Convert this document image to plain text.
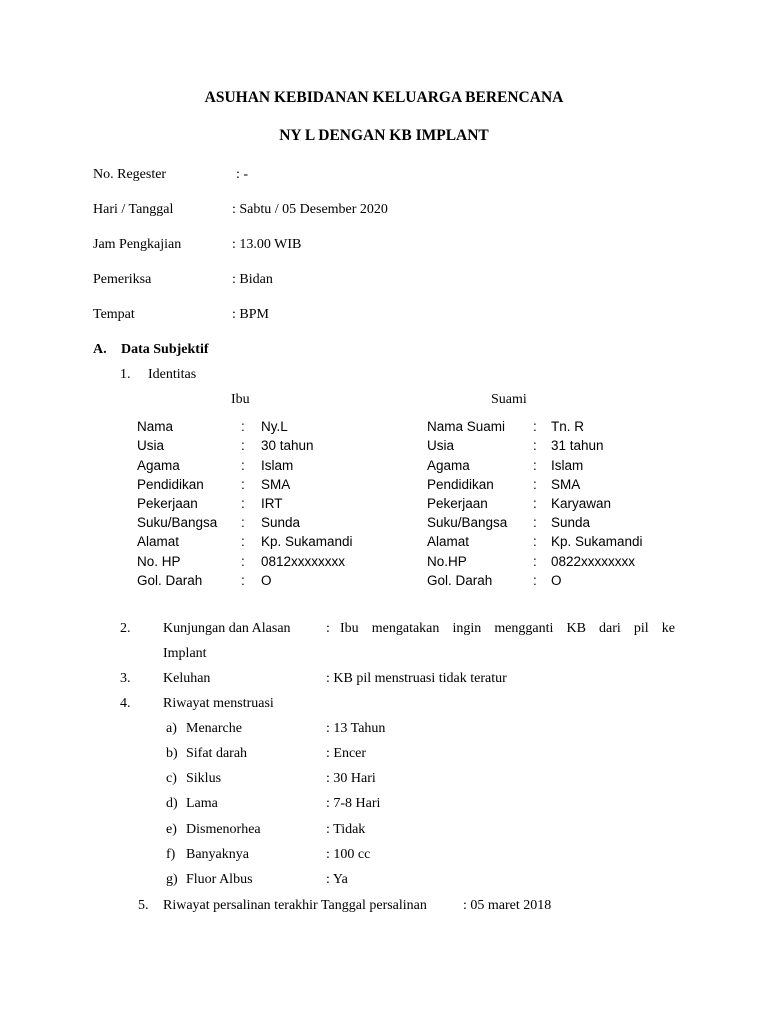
ASUHAN KEBIDANAN KELUARGA BERENCANA
NY L DENGAN KB IMPLANT
No. Regester	: -
Hari / Tanggal	: Sabtu / 05 Desember 2020
Jam Pengkajian	: 13.00 WIB
Pemeriksa	: Bidan
Tempat	: BPM
A. Data Subjektif
1. Identitas
Ibu	Suami
Nama	: Ny.L
Usia	: 30 tahun
Agama	: Islam
Pendidikan	: SMA
Pekerjaan	: IRT
Suku/Bangsa : Sunda
Alamat	: Kp. Sukamandi
No. HP	: 0812xxxxxxxx
Gol. Darah	: O
Nama Suami : Tn. R
Usia	: 31 tahun
Agama	: Islam
Pendidikan	: SMA
Pekerjaan	: Karyawan
Suku/Bangsa : Sunda
Alamat	: Kp. Sukamandi
No.HP	: 0822xxxxxxxx
Gol. Darah	: O
2. Kunjungan dan Alasan	: Ibu mengatakan ingin mengganti KB dari pil ke
Implant
3. Keluhan	: KB pil menstruasi tidak teratur
4. Riwayat menstruasi
a) Menarche	: 13 Tahun
b) Sifat darah	: Encer
c) Siklus	: 30 Hari
d) Lama	: 7-8 Hari
e) Dismenorhea	: Tidak
f) Banyaknya	: 100 cc
g) Fluor Albus	: Ya
5. Riwayat persalinan terakhir Tanggal persalinan	: 05 maret 2018
